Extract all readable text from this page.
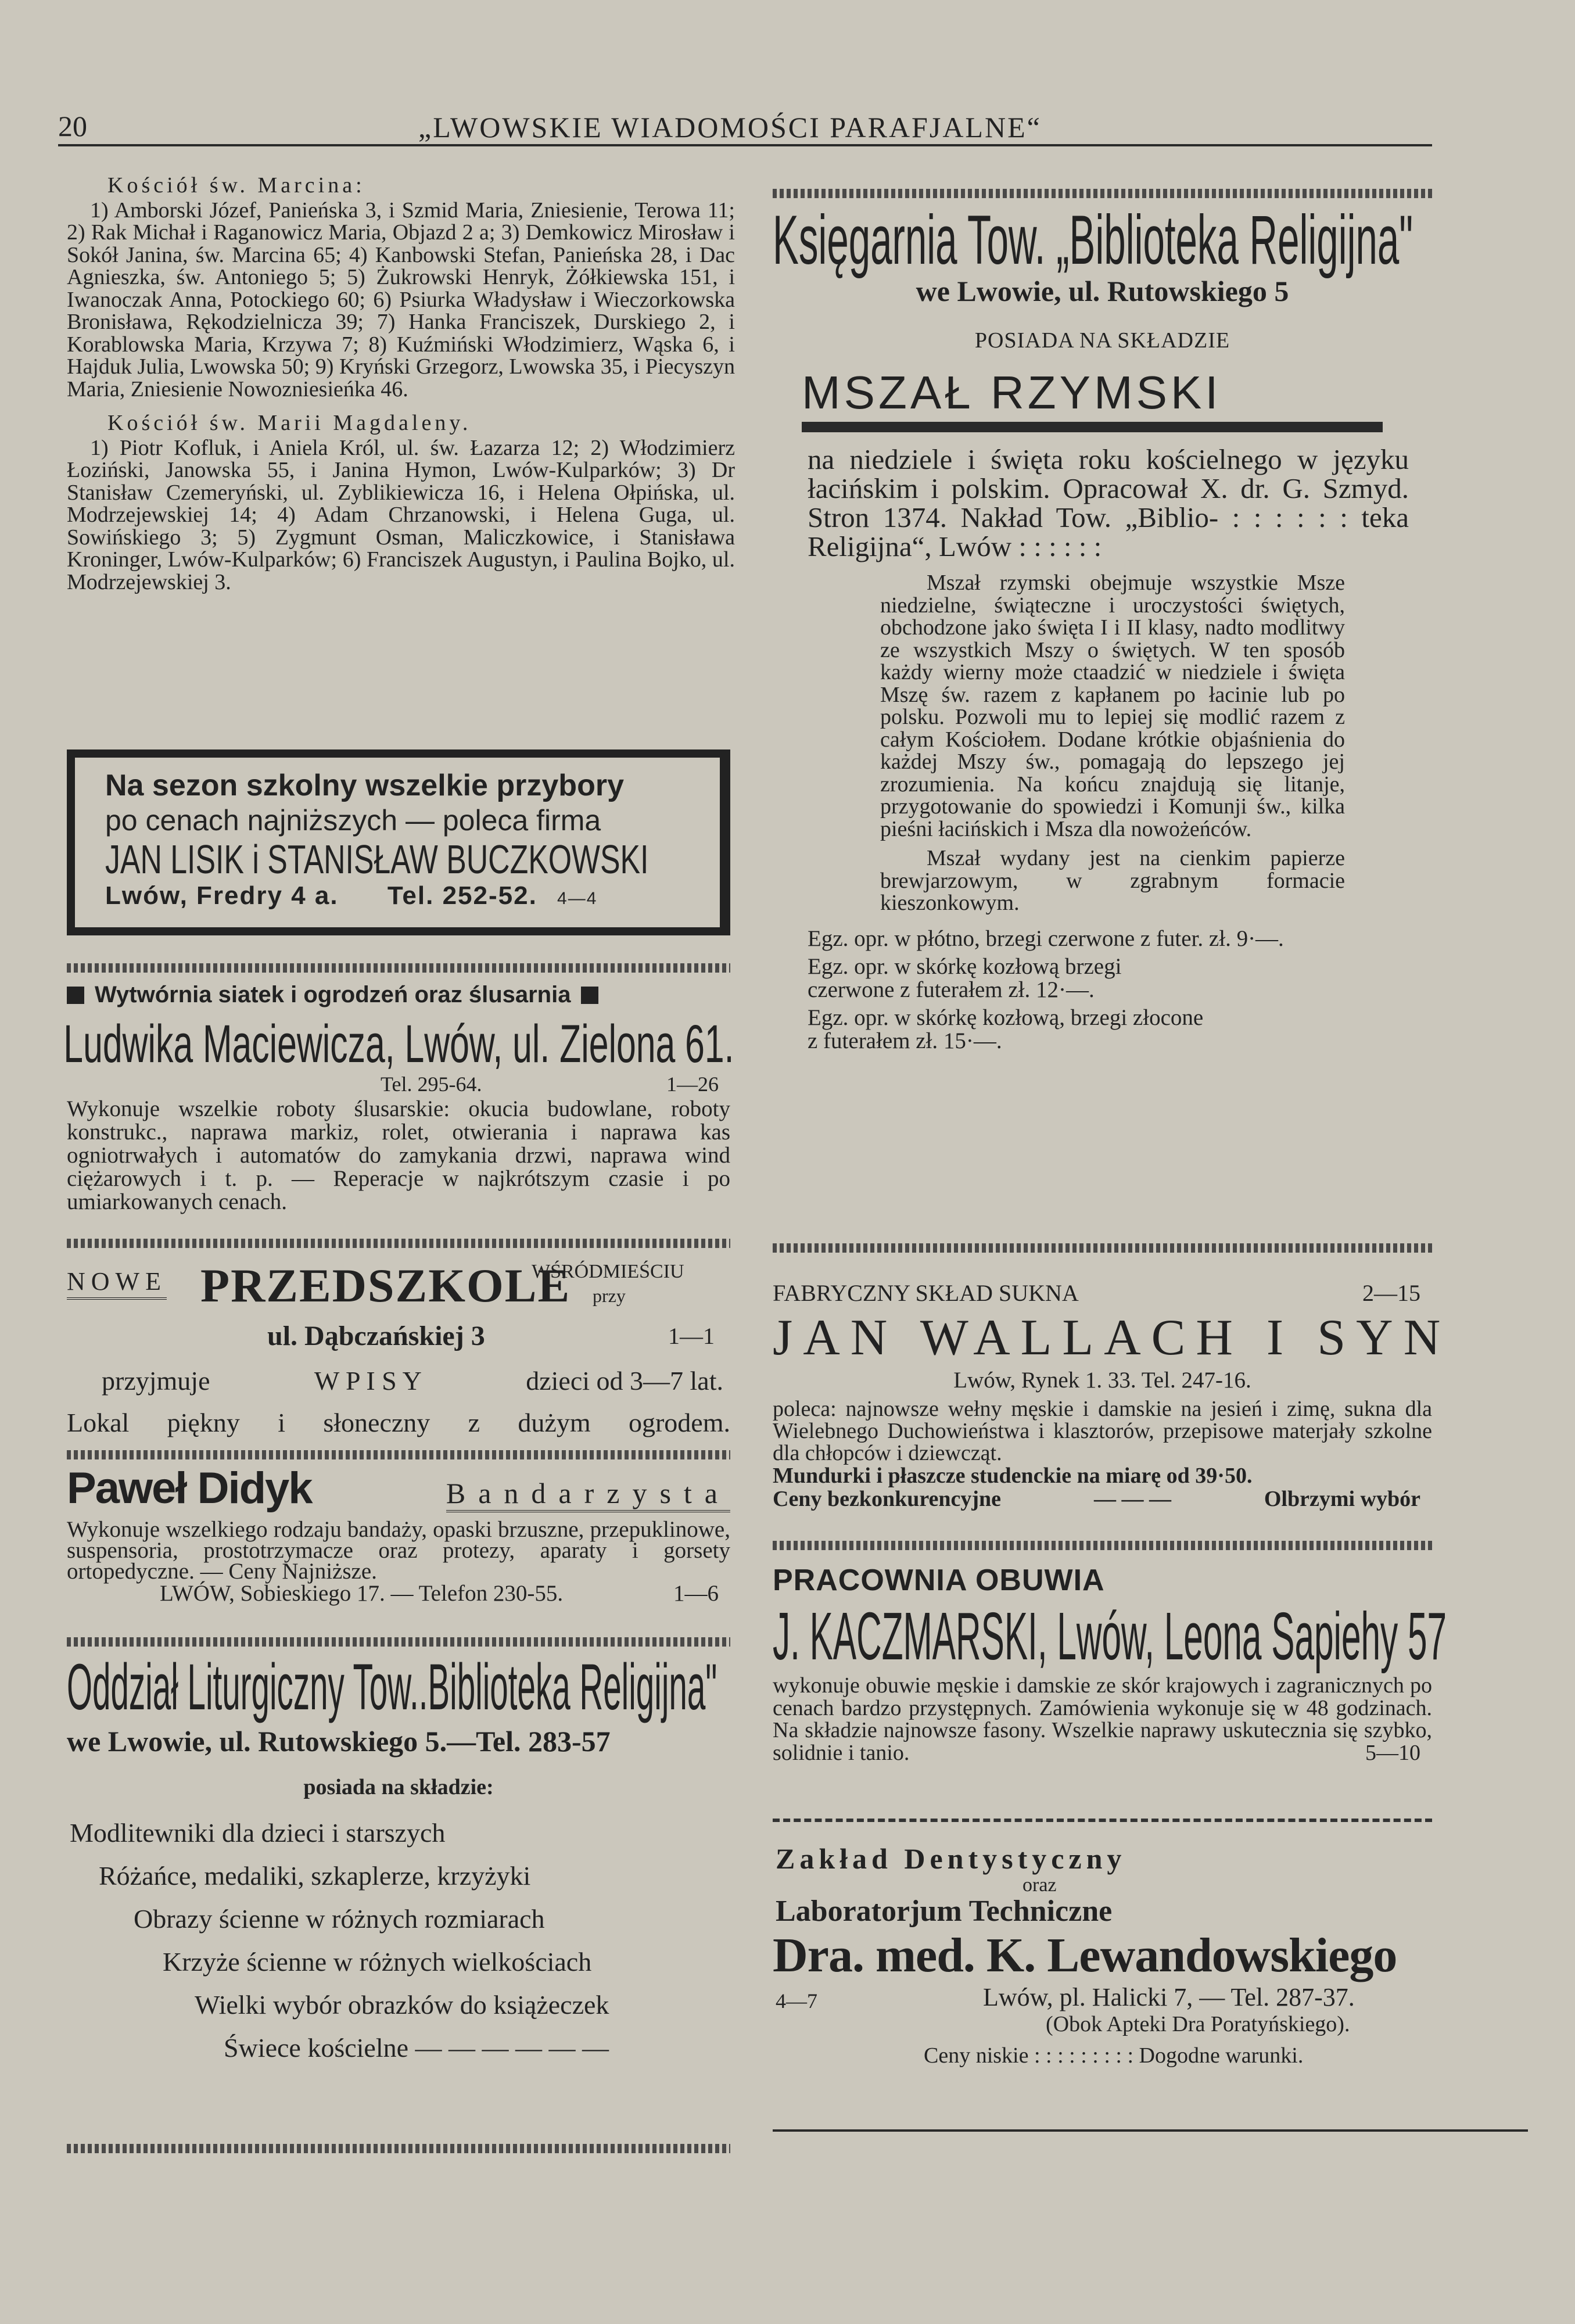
20	„LWOWSKIE WIADOMOŚCI PARAFJALNE“
Kościół św. Marcina:

1) Amborski Józef, Panieńska 3, i Szmid Maria, Zniesienie, Terowa 11; 2) Rak Michał i Raganowicz Maria, Objazd 2 a; 3) Demkowicz Mirosław i Sokół Janina, św. Marcina 65; 4) Kanbowski Stefan, Panieńska 28, i Dac Agnieszka, św. Antoniego 5; 5) Żukrowski Henryk, Żółkiewska 151, i Iwanoczak Anna, Potockiego 60; 6) Psiurka Władysław i Wieczorkowska Bronisława, Rękodzielnicza 39; 7) Hanka Franciszek, Durskiego 2, i Korablowska Maria, Krzywa 7; 8) Kuźmiński Włodzimierz, Wąska 6, i Hajduk Julia, Lwowska 50; 9) Kryński Grzegorz, Lwowska 35, i Piecyszyn Maria, Zniesienie Nowozniesieńka 46.

Kościół św. Marii Magdaleny.

1) Piotr Kofluk, i Aniela Król, ul. św. Łazarza 12; 2) Włodzimierz Łoziński, Janowska 55, i Janina Hymon, Lwów-Kulparków; 3) Dr Stanisław Czemeryński, ul. Zyblikiewicza 16, i Helena Ołpińska, ul. Modrzejewskiej 14; 4) Adam Chrzanowski, i Helena Guga, ul. Sowińskiego 3; 5) Zygmunt Osman, Maliczkowice, i Stanisława Kroninger, Lwów-Kulparków; 6) Franciszek Augustyn, i Paulina Bojko, ul. Modrzejewskiej 3.

Na sezon szkolny wszelkie przybory
po cenach najniższych — poleca firma
JAN LISIK i STANISŁAW BUCZKOWSKI
Lwów, Fredry 4 a. Tel. 252-52. 4—4
Wytwórnia siatek i ogrodzeń oraz ślusarnia
Ludwika Maciewicza, Lwów, ul. Zielona 61.
Tel. 295-64.	1—26
Wykonuje wszelkie roboty ślusarskie: okucia budowlane, roboty konstrukc., naprawa markiz, rolet, otwierania i naprawa kas ogniotrwałych i automatów do zamykania drzwi, naprawa wind ciężarowych i t. p. — Reperacje w najkrótszym czasie i po umiarkowanych cenach.
NOWE PRZEDSZKOLE
WŚRÓDMIEŚCIU
przy
ul. Dąbczańskiej 3	1—1
przyjmuje	W P I S Y	dzieci od 3—7 lat.
Lokal piękny i słoneczny z dużym ogrodem.
Paweł Didyk	Bandarzysta
Wykonuje wszelkiego rodzaju bandaży, opaski brzuszne, przepuklinowe, suspensoria, prostotrzymacze oraz protezy, aparaty i gorsety ortopedyczne. — Ceny Najniższe.
LWÓW, Sobieskiego 17. — Telefon 230-55.	1—6
Oddział Liturgiczny Tow..Biblioteka Religijna"
we Lwowie, ul. Rutowskiego 5.—Tel. 283-57
posiada na składzie:
Modlitewniki dla dzieci i starszych
Różańce, medaliki, szkaplerze, krzyżyki
Obrazy ścienne w różnych rozmiarach
Krzyże ścienne w różnych wielkościach
Wielki wybór obrazków do książeczek
Świece kościelne — — — — — —
Księgarnia Tow. „Biblioteka Religijna"
we Lwowie, ul. Rutowskiego 5
POSIADA NA SKŁADZIE
MSZAŁ RZYMSKI
na niedziele i święta roku kościelnego w języku łacińskim i polskim. Opracował X. dr. G. Szmyd. Stron 1374. Nakład Tow. „Biblio- : : : : : : teka Religijna“, Lwów : : : : : :
Mszał rzymski obejmuje wszystkie Msze niedzielne, świąteczne i uroczystości świętych, obchodzone jako święta I i II klasy, nadto modlitwy ze wszystkich Mszy o świętych. W ten sposób każdy wierny może ctaadzić w niedziele i święta Mszę św. razem z kapłanem po łacinie lub po polsku. Pozwoli mu to lepiej się modlić razem z całym Kościołem. Dodane krótkie objaśnienia do każdej Mszy św., pomagają do lepszego jej zrozumienia. Na końcu znajdują się litanje, przygotowanie do spowiedzi i Komunji św., kilka pieśni łacińskich i Msza dla nowożeńców.
Mszał wydany jest na cienkim papierze brewjarzowym, w zgrabnym formacie kieszonkowym.
Egz. opr. w płótno, brzegi czerwone z futer. zł. 9·—.
Egz. opr. w skórkę kozłową brzegi czerwone z futerałem zł. 12·—.
Egz. opr. w skórkę kozłową, brzegi złocone z futerałem zł. 15·—.
FABRYCZNY SKŁAD SUKNA	2—15
JAN WALLACH I SYN
Lwów, Rynek 1. 33. Tel. 247-16.
poleca: najnowsze wełny męskie i damskie na jesień i zimę, sukna dla Wielebnego Duchowieństwa i klasztorów, przepisowe materjały szkolne dla chłopców i dziewcząt.
Mundurki i płaszcze studenckie na miarę od 39·50.
Ceny bezkonkurencyjne	— — —	Olbrzymi wybór
PRACOWNIA OBUWIA
J. KACZMARSKI, Lwów, Leona Sapiehy 57
wykonuje obuwie męskie i damskie ze skór krajowych i zagranicznych po cenach bardzo przystępnych. Zamówienia wykonuje się w 48 godzinach. Na składzie najnowsze fasony. Wszelkie naprawy uskutecznia się szybko, solidnie i tanio.	5—10
Zakład Dentystyczny
oraz
Laboratorjum Techniczne
Dra. med. K. Lewandowskiego
4—7	Lwów, pl. Halicki 7, — Tel. 287-37.
(Obok Apteki Dra Poratyńskiego).
Ceny niskie : : : : : : : : : Dogodne warunki.
